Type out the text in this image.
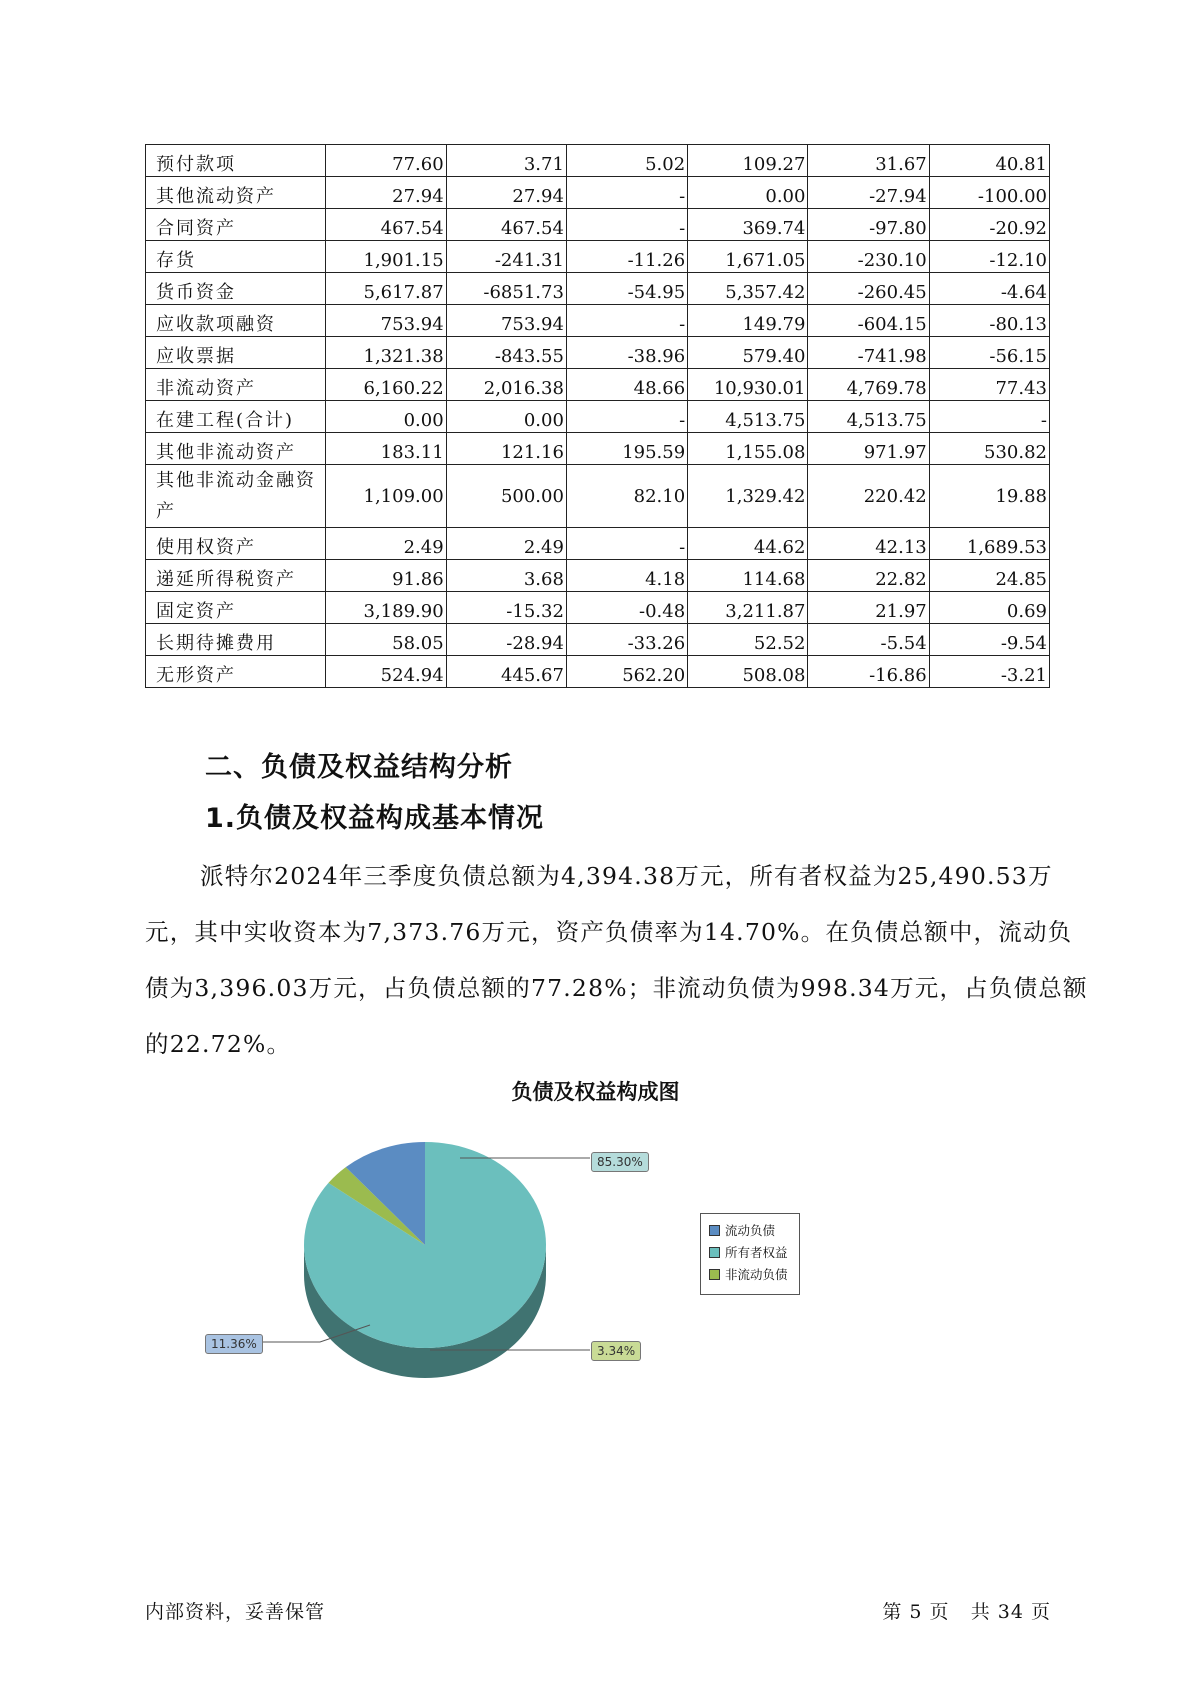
预付款项	77.60	3.71	5.02	109.27	31.67	40.81
其他流动资产	27.94	27.94	-	0.00	-27.94	-100.00
合同资产	467.54	467.54	-	369.74	-97.80	-20.92
存货	1,901.15	-241.31	-11.26	1,671.05	-230.10	-12.10
货币资金	5,617.87	-6851.73	-54.95	5,357.42	-260.45	-4.64
应收款项融资	753.94	753.94	-	149.79	-604.15	-80.13
应收票据	1,321.38	-843.55	-38.96	579.40	-741.98	-56.15
非流动资产	6,160.22	2,016.38	48.66	10,930.01	4,769.78	77.43
在建工程(合计)	0.00	0.00	-	4,513.75	4,513.75	-
其他非流动资产	183.11	121.16	195.59	1,155.08	971.97	530.82
其他非流动金融资产	1,109.00	500.00	82.10	1,329.42	220.42	19.88
使用权资产	2.49	2.49	-	44.62	42.13	1,689.53
递延所得税资产	91.86	3.68	4.18	114.68	22.82	24.85
固定资产	3,189.90	-15.32	-0.48	3,211.87	21.97	0.69
长期待摊费用	58.05	-28.94	-33.26	52.52	-5.54	-9.54
无形资产	524.94	445.67	562.20	508.08	-16.86	-3.21
二、负债及权益结构分析
1.负债及权益构成基本情况

派特尔2024年三季度负债总额为4,394.38万元，所有者权益为25,490.53万元，其中实收资本为7,373.76万元，资产负债率为14.70%。在负债总额中，流动负债为3,396.03万元，占负债总额的77.28%；非流动负债为998.34万元，占负债总额的22.72%。

负债及权益构成图
流动负债
所有者权益
非流动负债
85.30%
11.36%	3.34%
内部资料，妥善保管	第 5 页 共 34 页
